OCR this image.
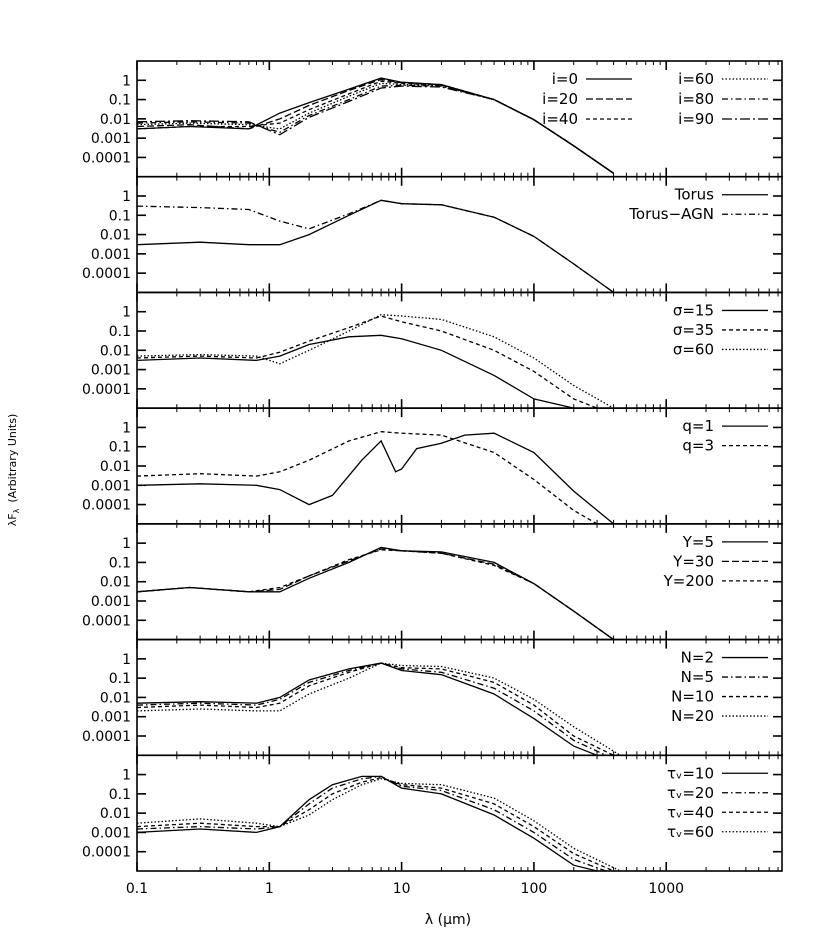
1
0.1
0.01
0.001
0.0001
i=0
i=20
i=40
i=60
i=80
i=90
1
0.1
0.01
0.001
0.0001
Torus
Torus−AGN
1
0.1
0.01
0.001
0.0001
σ=15
σ=35
σ=60
1
0.1
0.01
0.001
0.0001
q=1
q=3
1
0.1
0.01
0.001
0.0001
Y=5
Y=30
Y=200
1
0.1
0.01
0.001
0.0001
N=2
N=5
N=10
N=20
1
0.1
0.01
0.001
0.0001
τᵥ=10
τᵥ=20
τᵥ=40
τᵥ=60
0.1	1	10	100	1000
λ (μm)
$\lambda F_\lambda(Arbitrary$ Units)
